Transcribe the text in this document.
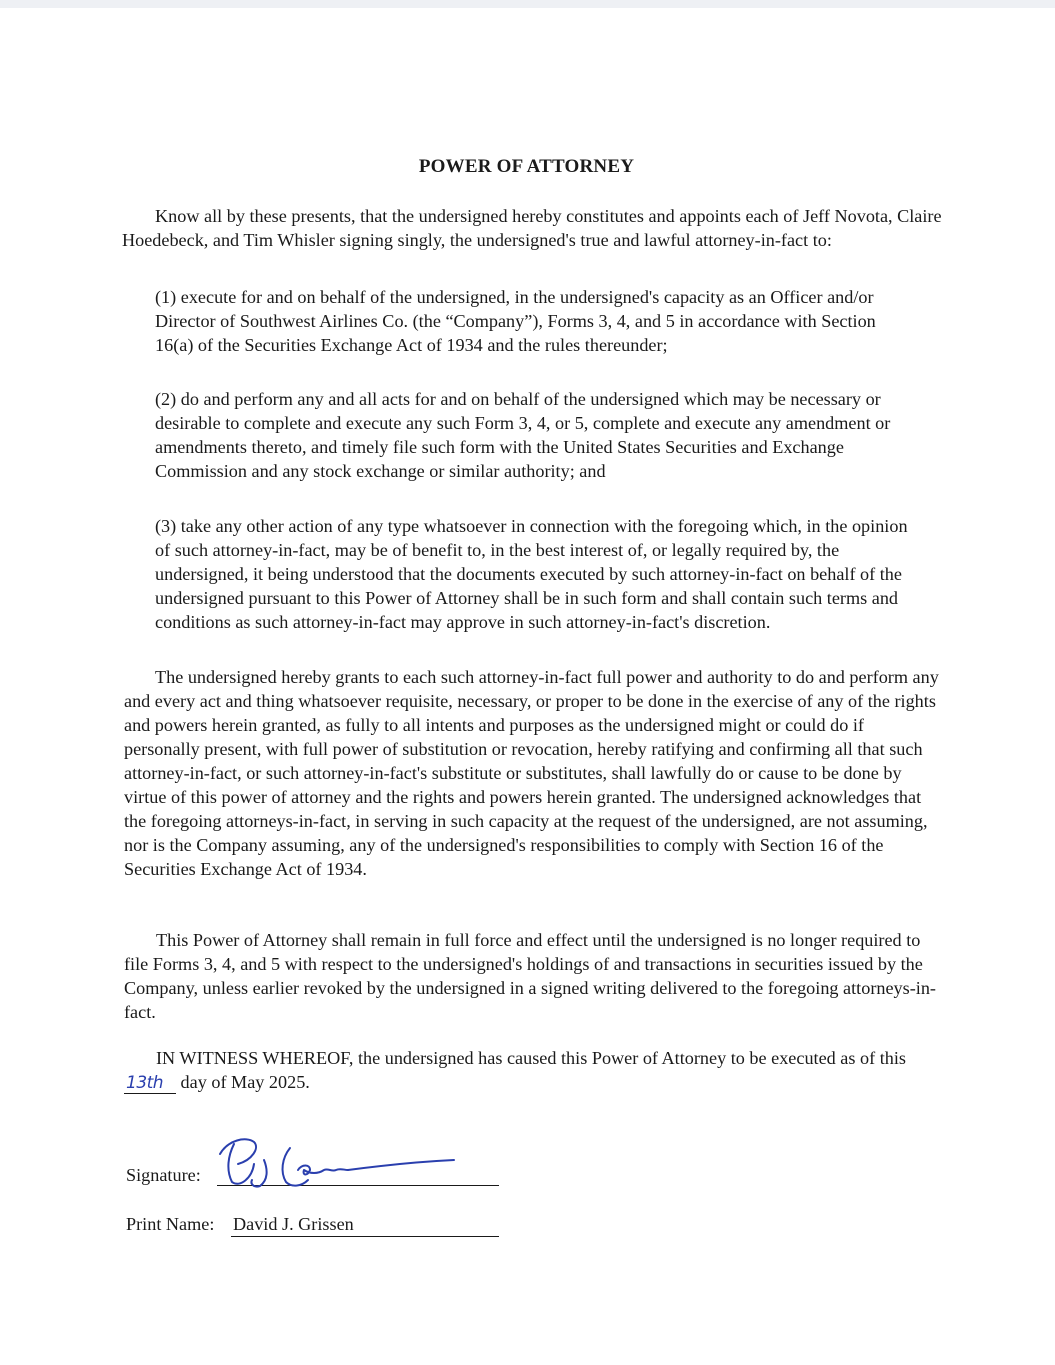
POWER OF ATTORNEY

Know all by these presents, that the undersigned hereby constitutes and appoints each of Jeff Novota, Claire Hoedebeck, and Tim Whisler signing singly, the undersigned's true and lawful attorney-in-fact to:

(1) execute for and on behalf of the undersigned, in the undersigned's capacity as an Officer and/or Director of Southwest Airlines Co. (the “Company”), Forms 3, 4, and 5 in accordance with Section 16(a) of the Securities Exchange Act of 1934 and the rules thereunder;

(2) do and perform any and all acts for and on behalf of the undersigned which may be necessary or desirable to complete and execute any such Form 3, 4, or 5, complete and execute any amendment or amendments thereto, and timely file such form with the United States Securities and Exchange Commission and any stock exchange or similar authority; and

(3) take any other action of any type whatsoever in connection with the foregoing which, in the opinion of such attorney-in-fact, may be of benefit to, in the best interest of, or legally required by, the undersigned, it being understood that the documents executed by such attorney-in-fact on behalf of the undersigned pursuant to this Power of Attorney shall be in such form and shall contain such terms and conditions as such attorney-in-fact may approve in such attorney-in-fact's discretion.

The undersigned hereby grants to each such attorney-in-fact full power and authority to do and perform any and every act and thing whatsoever requisite, necessary, or proper to be done in the exercise of any of the rights and powers herein granted, as fully to all intents and purposes as the undersigned might or could do if personally present, with full power of substitution or revocation, hereby ratifying and confirming all that such attorney-in-fact, or such attorney-in-fact's substitute or substitutes, shall lawfully do or cause to be done by virtue of this power of attorney and the rights and powers herein granted. The undersigned acknowledges that the foregoing attorneys-in-fact, in serving in such capacity at the request of the undersigned, are not assuming, nor is the Company assuming, any of the undersigned's responsibilities to comply with Section 16 of the Securities Exchange Act of 1934.

This Power of Attorney shall remain in full force and effect until the undersigned is no longer required to file Forms 3, 4, and 5 with respect to the undersigned's holdings of and transactions in securities issued by the Company, unless earlier revoked by the undersigned in a signed writing delivered to the foregoing attorneys-in-fact.

IN WITNESS WHEREOF, the undersigned has caused this Power of Attorney to be executed as of this 13th day of May 2025.

Signature:
Print Name: David J. Grissen
